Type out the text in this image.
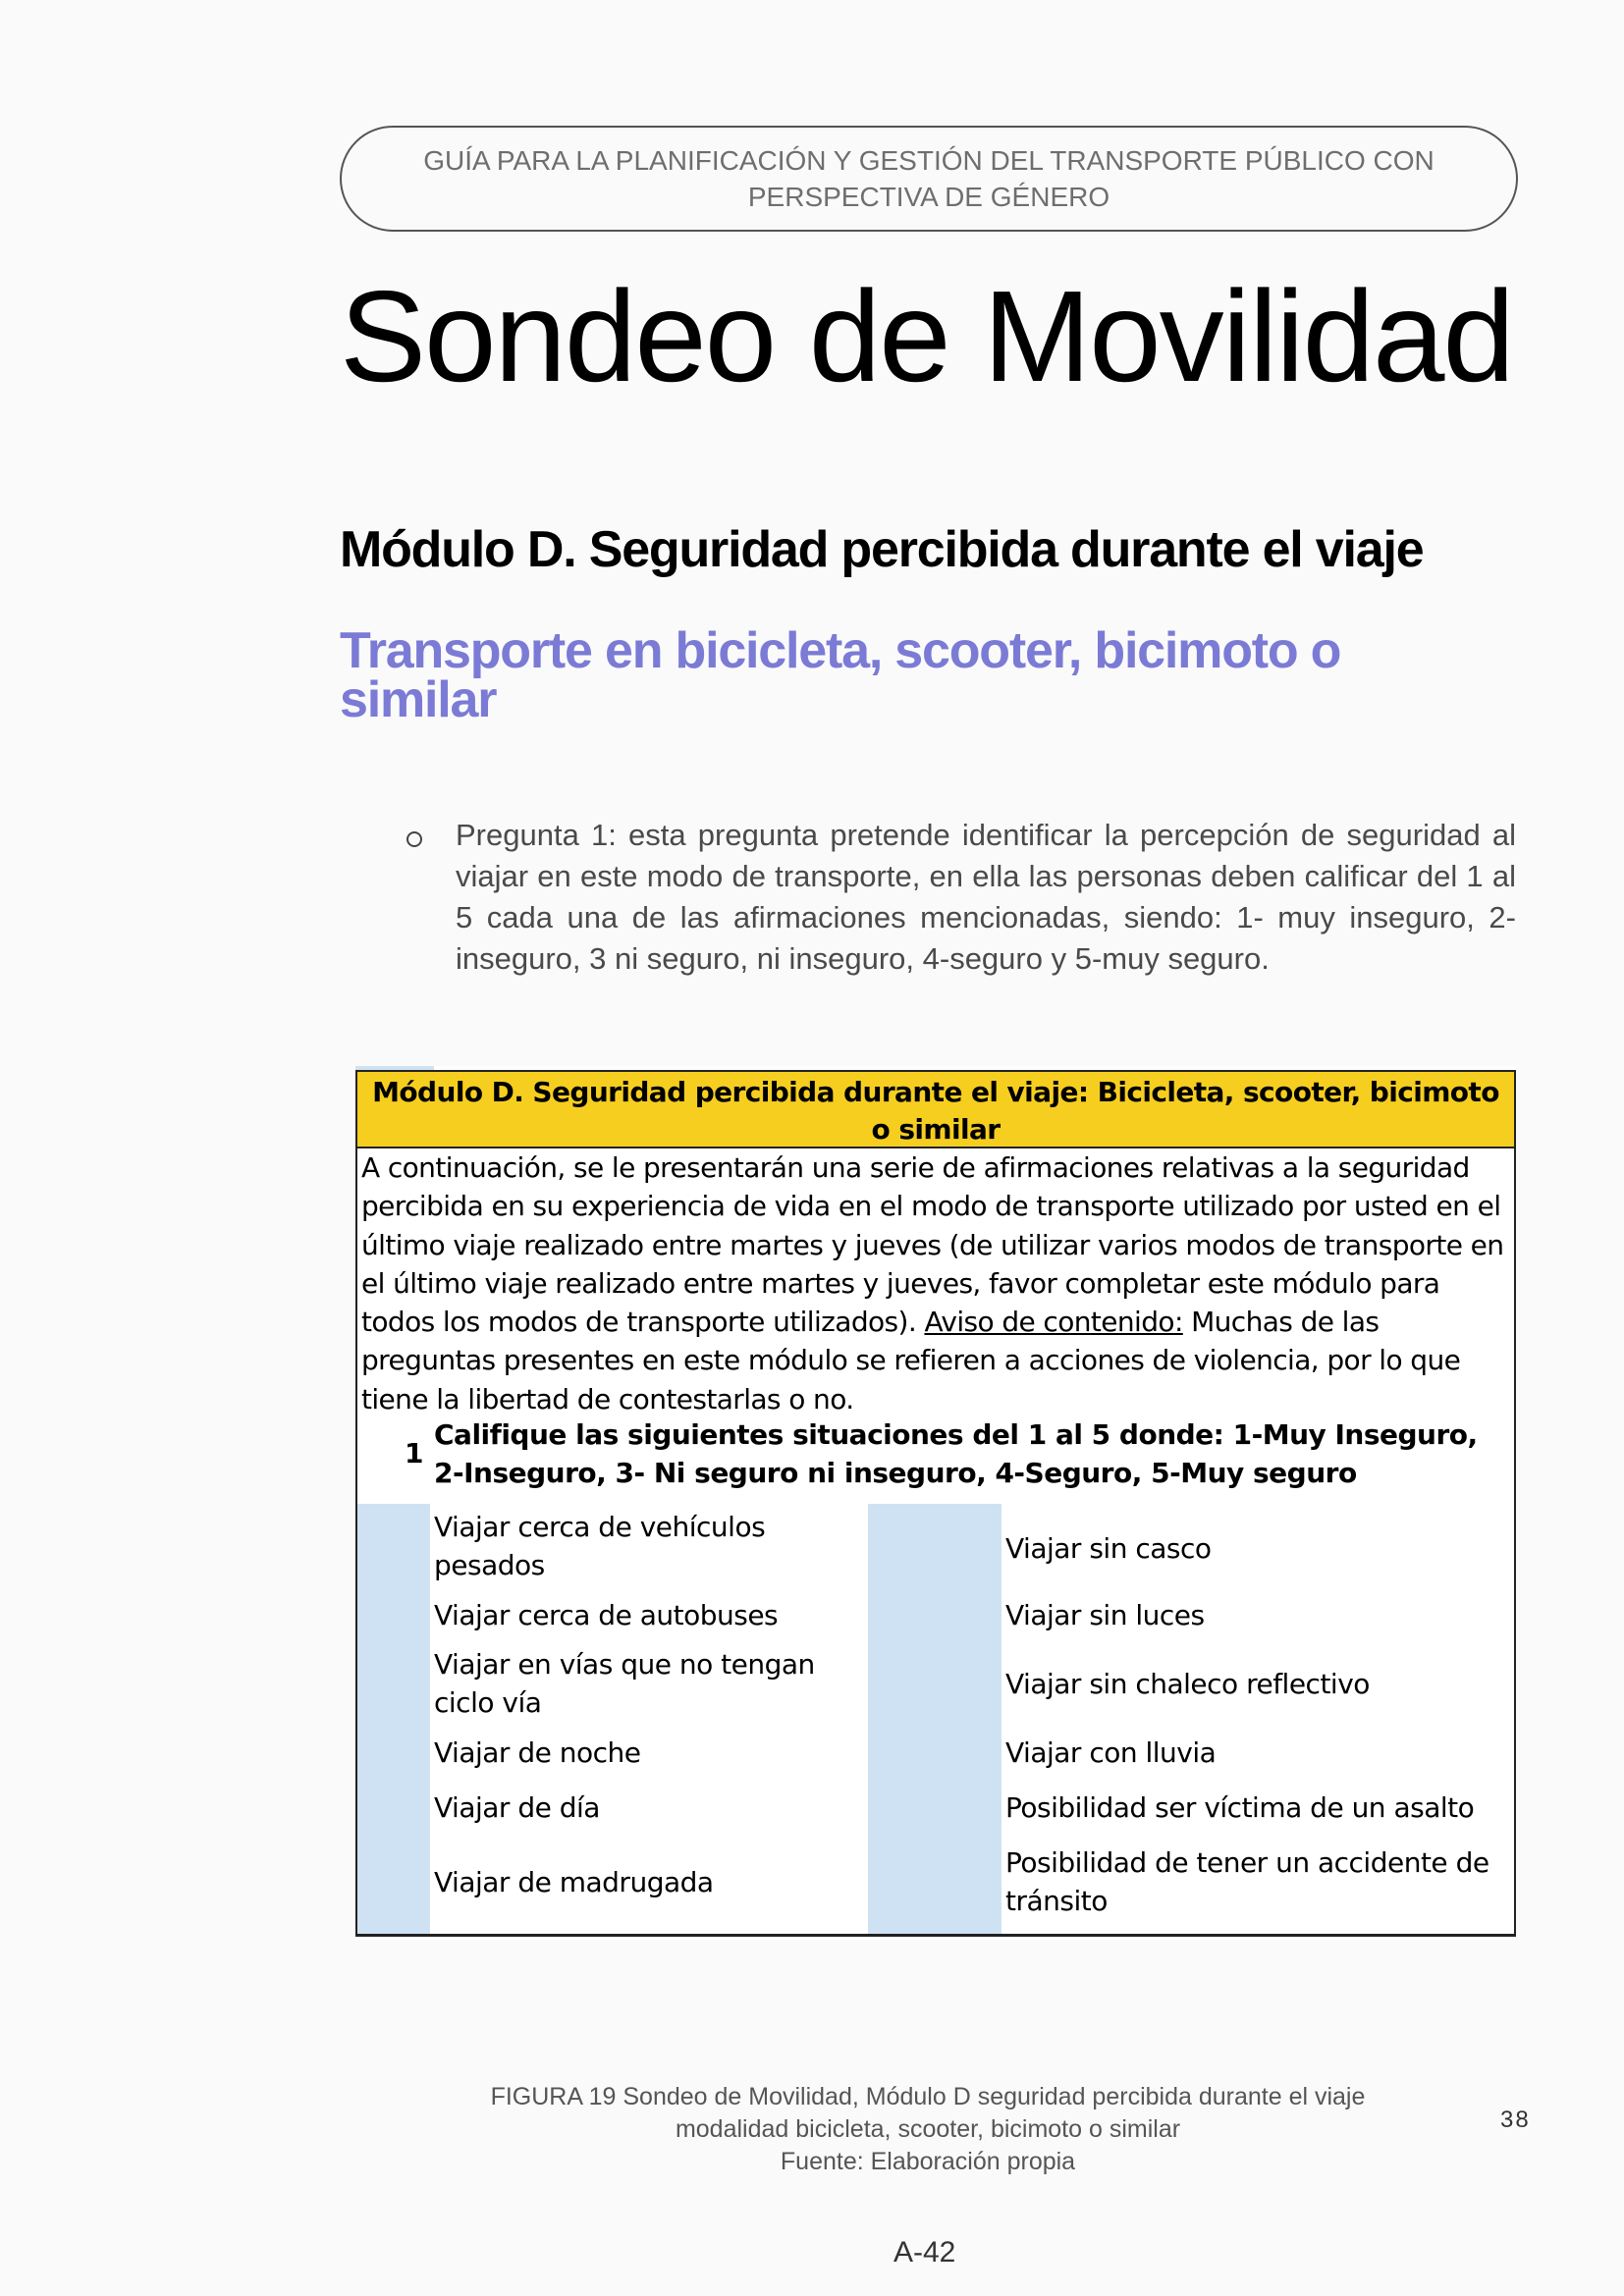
GUÍA PARA LA PLANIFICACIÓN Y GESTIÓN DEL TRANSPORTE PÚBLICO CON
PERSPECTIVA DE GÉNERO
Sondeo de Movilidad
Módulo D. Seguridad percibida durante el viaje
Transporte en bicicleta, scooter, bicimoto o similar
Pregunta 1: esta pregunta pretende identificar la percepción de seguridad al viajar en este modo de transporte, en ella las personas deben calificar del 1 al 5 cada una de las afirmaciones mencionadas, siendo: 1- muy inseguro, 2-inseguro, 3 ni seguro, ni inseguro, 4-seguro y 5-muy seguro.
Módulo D. Seguridad percibida durante el viaje: Bicicleta, scooter, bicimoto
o similar
A continuación, se le presentarán una serie de afirmaciones relativas a la seguridad percibida en su experiencia de vida en el modo de transporte utilizado por usted en el último viaje realizado entre martes y jueves (de utilizar varios modos de transporte en el último viaje realizado entre martes y jueves, favor completar este módulo para todos los modos de transporte utilizados). Aviso de contenido: Muchas de las preguntas presentes en este módulo se refieren a acciones de violencia, por lo que tiene la libertad de contestarlas o no.
1
Califique las siguientes situaciones del 1 al 5 donde: 1-Muy Inseguro, 2-Inseguro, 3- Ni seguro ni inseguro, 4-Seguro, 5-Muy seguro
Viajar cerca de vehículos pesados
Viajar cerca de autobuses
Viajar en vías que no tengan ciclo vía
Viajar de noche
Viajar de día
Viajar de madrugada
Viajar sin casco
Viajar sin luces
Viajar sin chaleco reflectivo
Viajar con lluvia
Posibilidad ser víctima de un asalto
Posibilidad de tener un accidente de tránsito
FIGURA 19 Sondeo de Movilidad, Módulo D seguridad percibida durante el viaje
modalidad bicicleta, scooter, bicimoto o similar
Fuente: Elaboración propia
38
A-42
